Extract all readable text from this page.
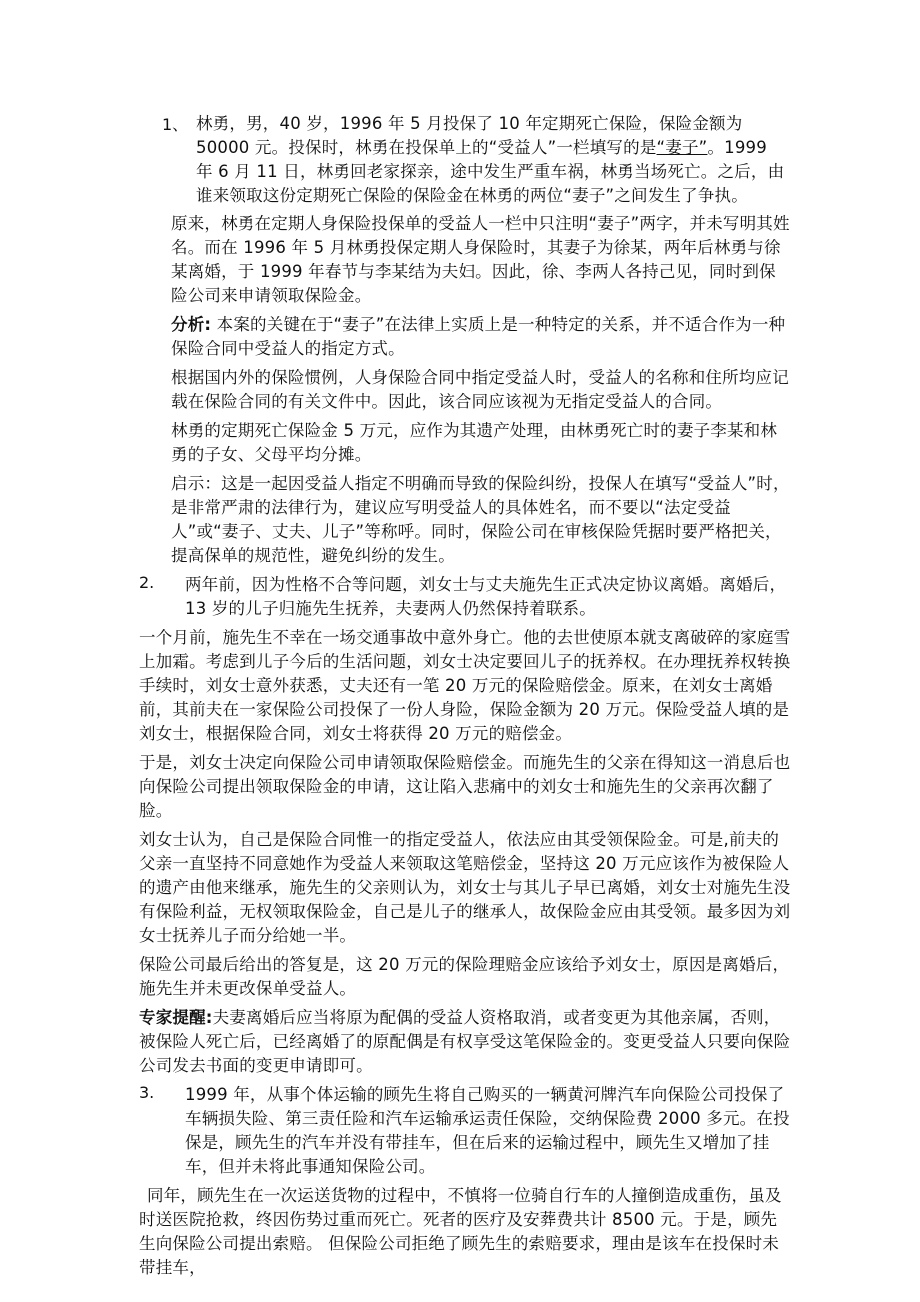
1、 林勇，男，40 岁，1996 年 5 月投保了 10 年定期死亡保险，保险金额为 50000 元。投保时，林勇在投保单上的“受益人”一栏填写的是“妻子”。1999 年 6 月 11 日，林勇回老家探亲，途中发生严重车祸，林勇当场死亡。之后，由谁来领取这份定期死亡保险的保险金在林勇的两位“妻子”之间发生了争执。

原来，林勇在定期人身保险投保单的受益人一栏中只注明“妻子”两字，并未写明其姓名。而在 1996 年 5 月林勇投保定期人身保险时，其妻子为徐某，两年后林勇与徐某离婚，于 1999 年春节与李某结为夫妇。因此，徐、李两人各持己见，同时到保险公司来申请领取保险金。

分析: 本案的关键在于“妻子”在法律上实质上是一种特定的关系，并不适合作为一种保险合同中受益人的指定方式。

根据国内外的保险惯例，人身保险合同中指定受益人时，受益人的名称和住所均应记载在保险合同的有关文件中。因此，该合同应该视为无指定受益人的合同。

林勇的定期死亡保险金 5 万元，应作为其遗产处理，由林勇死亡时的妻子李某和林勇的子女、父母平均分摊。

启示：这是一起因受益人指定不明确而导致的保险纠纷，投保人在填写“受益人”时，是非常严肃的法律行为，建议应写明受益人的具体姓名，而不要以“法定受益人”或“妻子、丈夫、儿子”等称呼。同时，保险公司在审核保险凭据时要严格把关，提高保单的规范性，避免纠纷的发生。

2. 两年前，因为性格不合等问题，刘女士与丈夫施先生正式决定协议离婚。离婚后，13 岁的儿子归施先生抚养，夫妻两人仍然保持着联系。

一个月前，施先生不幸在一场交通事故中意外身亡。他的去世使原本就支离破碎的家庭雪上加霜。考虑到儿子今后的生活问题，刘女士决定要回儿子的抚养权。在办理抚养权转换手续时，刘女士意外获悉，丈夫还有一笔 20 万元的保险赔偿金。原来，在刘女士离婚前，其前夫在一家保险公司投保了一份人身险，保险金额为 20 万元。保险受益人填的是刘女士，根据保险合同，刘女士将获得 20 万元的赔偿金。

于是，刘女士决定向保险公司申请领取保险赔偿金。而施先生的父亲在得知这一消息后也向保险公司提出领取保险金的申请，这让陷入悲痛中的刘女士和施先生的父亲再次翻了脸。

刘女士认为，自己是保险合同惟一的指定受益人，依法应由其受领保险金。可是,前夫的父亲一直坚持不同意她作为受益人来领取这笔赔偿金，坚持这 20 万元应该作为被保险人的遗产由他来继承，施先生的父亲则认为，刘女士与其儿子早已离婚，刘女士对施先生没有保险利益，无权领取保险金，自己是儿子的继承人，故保险金应由其受领。最多因为刘女士抚养儿子而分给她一半。

保险公司最后给出的答复是，这 20 万元的保险理赔金应该给予刘女士，原因是离婚后，施先生并未更改保单受益人。

专家提醒:夫妻离婚后应当将原为配偶的受益人资格取消，或者变更为其他亲属，否则，被保险人死亡后，已经离婚了的原配偶是有权享受这笔保险金的。变更受益人只要向保险公司发去书面的变更申请即可。

3. 1999 年，从事个体运输的顾先生将自己购买的一辆黄河牌汽车向保险公司投保了车辆损失险、第三责任险和汽车运输承运责任保险，交纳保险费 2000 多元。在投保是，顾先生的汽车并没有带挂车，但在后来的运输过程中，顾先生又增加了挂车，但并未将此事通知保险公司。

同年，顾先生在一次运送货物的过程中，不慎将一位骑自行车的人撞倒造成重伤，虽及时送医院抢救，终因伤势过重而死亡。死者的医疗及安葬费共计 8500 元。于是，顾先生向保险公司提出索赔。 但保险公司拒绝了顾先生的索赔要求，理由是该车在投保时未带挂车，
